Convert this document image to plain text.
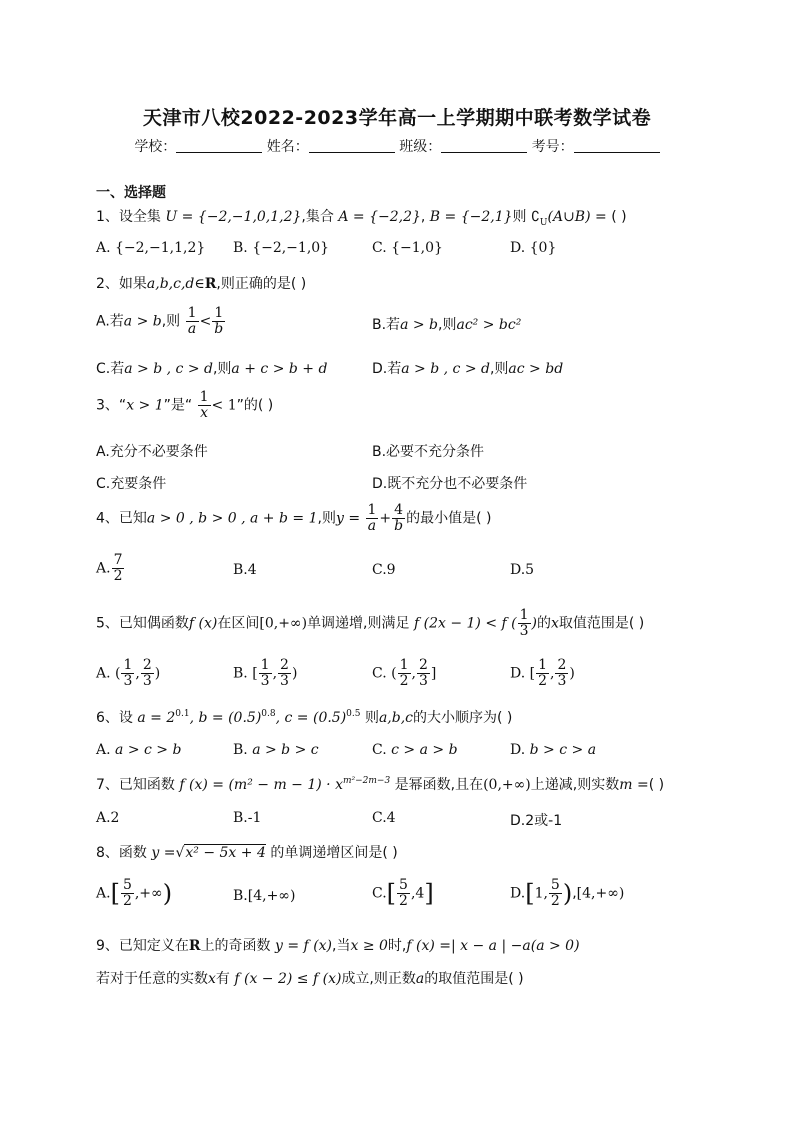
天津市八校2022-2023学年高一上学期期中联考数学试卷
学校：	姓名：	班级：	考号：
一、选择题
1、设全集 U = {−2,−1,0,1,2},集合 A = {−2,2}, B = {−2,1}则 $∁_U(A\cup B)$ = ( )
A. {−2,−1,1,2} B. {−2,−1,0}	C. {−1,0}	D. {0}
2、如果a,b,c,d∈R,则正确的是( )
A.若a > b,则 $\frac{1}{a} < \frac{1}{b}$	B.若a > b,则ac² > bc²
C.若a > b , c > d,则a + c > b + d	D.若a > b , c > d,则ac > bd
3、“x > 1”是“ $\frac{1}{x} < 1$”的( )
A.充分不必要条件	B.必要不充分条件
C.充要条件	D.既不充分也不必要条件
4、已知a > 0 , b > 0 , a + b = 1,则$y = \frac{1}{a} + \frac{4}{b}$ 的最小值是( )
A. $\frac{7}{2}$	B.4	C.9	D.5
5、已知偶函数f (x)在区间[0,+∞)单调递增,则满足 f (2x − 1) < f ( $\frac{1}{3}$ )的x取值范围是( )
A. ( $\frac{1}{3}$ , $\frac{2}{3}$ )	B. [ $\frac{1}{3}$ , $\frac{2}{3}$ )	C. ( $\frac{1}{2}$ , $\frac{2}{3}$ ]	D. [ $\frac{1}{2}$ , $\frac{2}{3}$ )
6、设 $a = 2^{0.1}$, $b = (0.5)^{0.8}$, $c = (0.5)^{0.5}$ 则a,b,c的大小顺序为( )
A. a > c > b	B. a > b > c	C. c > a > b	D. b > c > a
7、已知函数 f $(x) = (m^2 - m - 1) \cdot x^{m^2-2m-3}$ 是幂函数,且在(0,+∞)上递减,则实数m =( )
A.2	B.-1	C.4	D.2或-1
8、函数 y =√x² − 5x + 4 的单调递增区间是( )
$A.[ \frac{5}{2}$ ,+∞)	B.[4,+∞)	$C.[ \frac{5}{2} ,4]$	D.[1, $\frac{5}{2} ),[4,+\infty)$
9、已知定义在R上的奇函数 y = f (x),当x ≥ 0时,f (x) =| x − a | −a(a > 0)
若对于任意的实数x有 f (x − 2) ≤ f (x)成立,则正数a的取值范围是( )
